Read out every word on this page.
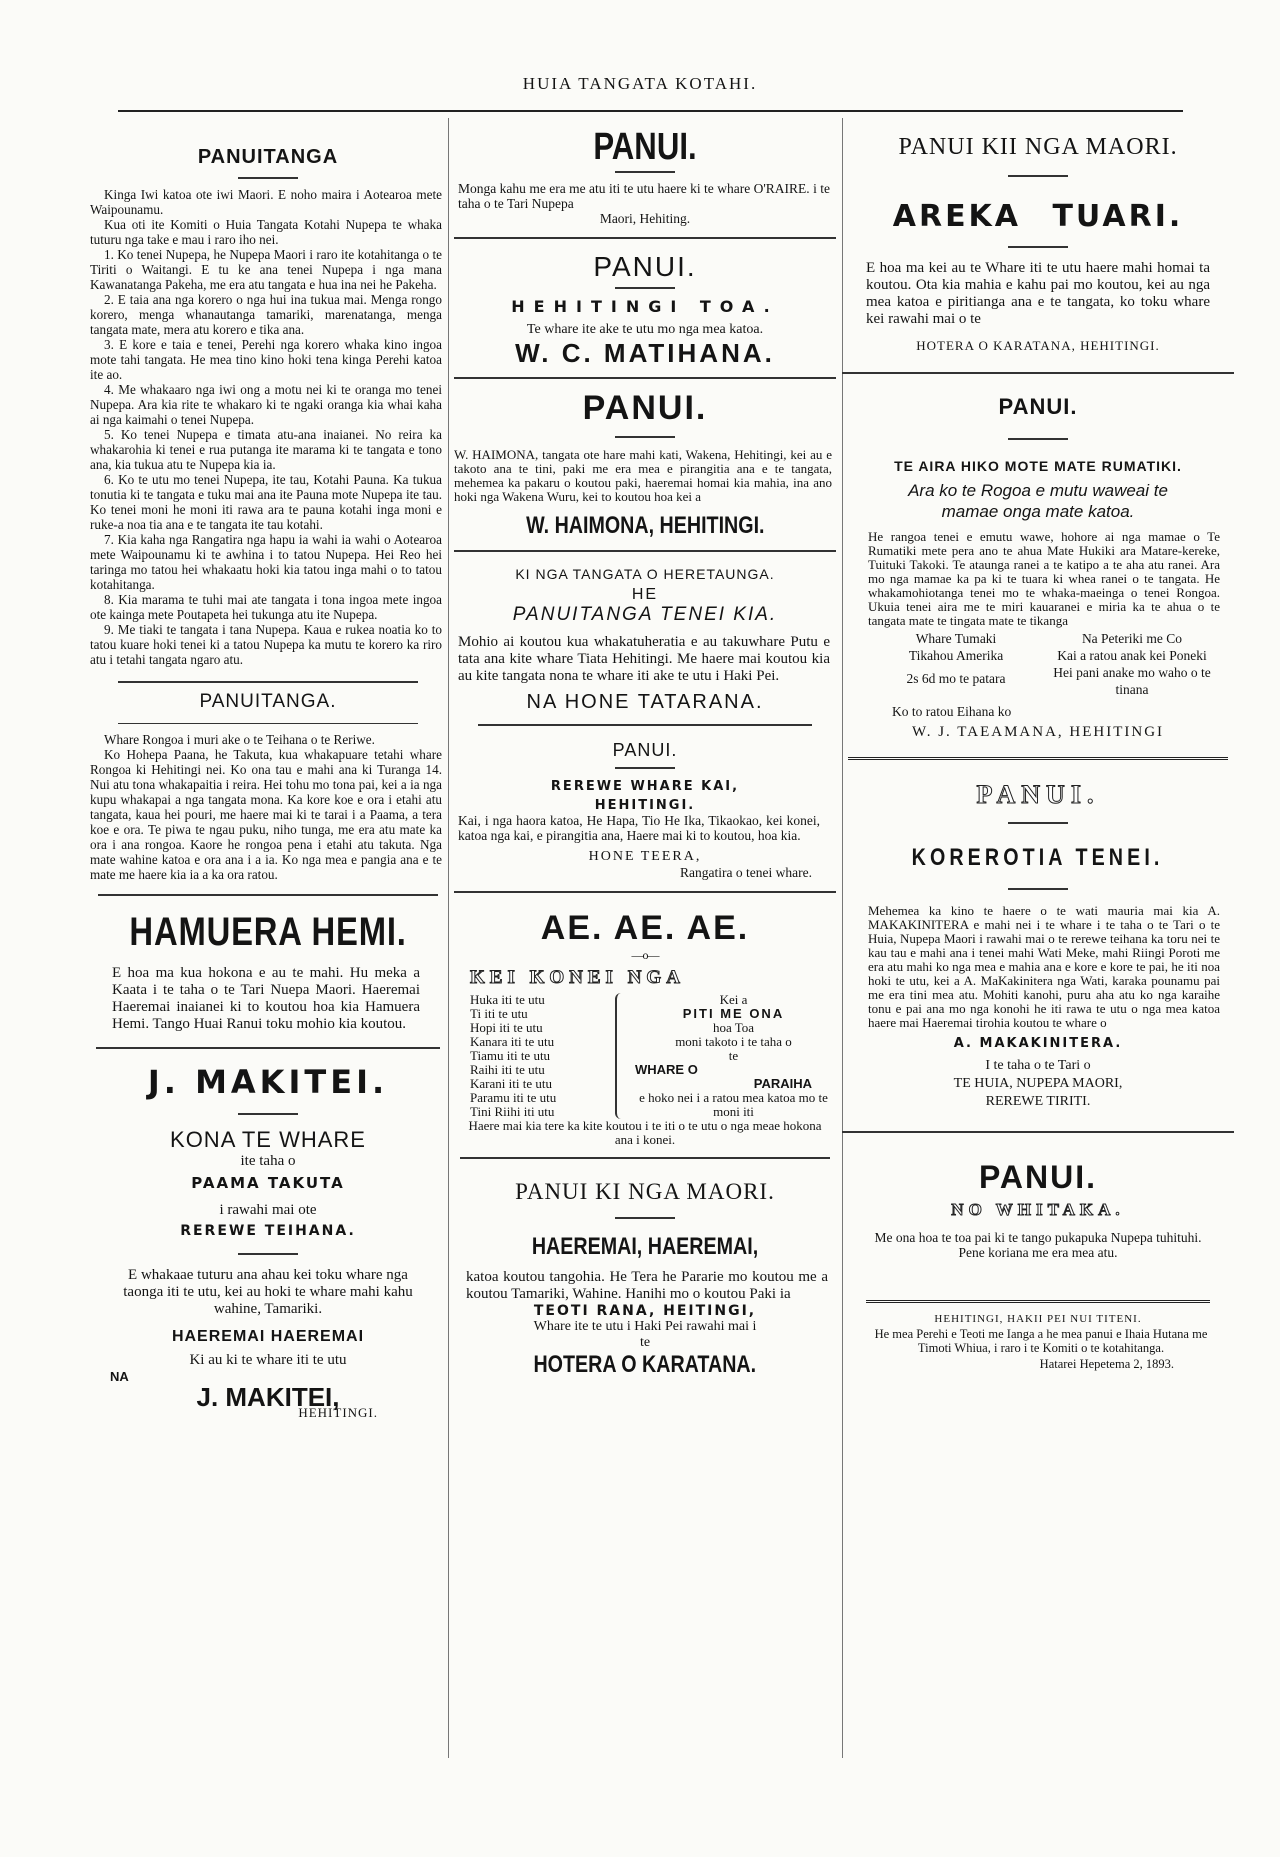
HUIA TANGATA KOTAHI.
PANUITANGA

Kinga Iwi katoa ote iwi Maori. E noho maira i Aotearoa mete Waipounamu.

Kua oti ite Komiti o Huia Tangata Kotahi Nupepa te whaka tuturu nga take e mau i raro iho nei.

1. Ko tenei Nupepa, he Nupepa Maori i raro ite kotahitanga o te Tiriti o Waitangi. E tu ke ana tenei Nupepa i nga mana Kawanatanga Pakeha, me era atu tangata e hua ina nei he Pakeha.

2. E taia ana nga korero o nga hui ina tukua mai. Menga rongo korero, menga whanautanga tamariki, marenatanga, menga tangata mate, mera atu korero e tika ana.

3. E kore e taia e tenei, Perehi nga korero whaka kino ingoa mote tahi tangata. He mea tino kino hoki tena kinga Perehi katoa ite ao.

4. Me whakaaro nga iwi ong a motu nei ki te oranga mo tenei Nupepa. Ara kia rite te whakaro ki te ngaki oranga kia whai kaha ai nga kaimahi o tenei Nupepa.

5. Ko tenei Nupepa e timata atu-ana inaianei. No reira ka whakarohia ki tenei e rua putanga ite marama ki te tangata e tono ana, kia tukua atu te Nupepa kia ia.

6. Ko te utu mo tenei Nupepa, ite tau, Kotahi Pauna. Ka tukua tonutia ki te tangata e tuku mai ana ite Pauna mote Nupepa ite tau. Ko tenei moni he moni iti rawa ara te pauna kotahi inga moni e ruke-a noa tia ana e te tangata ite tau kotahi.

7. Kia kaha nga Rangatira nga hapu ia wahi ia wahi o Aotearoa mete Waipounamu ki te awhina i to tatou Nupepa. Hei Reo hei taringa mo tatou hei whakaatu hoki kia tatou inga mahi o to tatou kotahitanga.

8. Kia marama te tuhi mai ate tangata i tona ingoa mete ingoa ote kainga mete Poutapeta hei tukunga atu ite Nupepa.

9. Me tiaki te tangata i tana Nupepa. Kaua e rukea noatia ko to tatou kuare hoki tenei ki a tatou Nupepa ka mutu te korero ka riro atu i tetahi tangata ngaro atu.

PANUITANGA.

Whare Rongoa i muri ake o te Teihana o te Reriwe.

Ko Hohepa Paana, he Takuta, kua whakapuare tetahi whare Rongoa ki Hehitingi nei. Ko ona tau e mahi ana ki Turanga 14. Nui atu tona whakapaitia i reira. Hei tohu mo tona pai, kei a ia nga kupu whakapai a nga tangata mona. Ka kore koe e ora i etahi atu tangata, kaua hei pouri, me haere mai ki te tarai i a Paama, a tera koe e ora. Te piwa te ngau puku, niho tunga, me era atu mate ka ora i ana rongoa. Kaore he rongoa pena i etahi atu takuta. Nga mate wahine katoa e ora ana i a ia. Ko nga mea e pangia ana e te mate me haere kia ia a ka ora ratou.

HAMUERA HEMI.
E hoa ma kua hokona e au te mahi. Hu meka a Kaata i te taha o te Tari Nuepa Maori. Haeremai Haeremai inaianei ki to koutou hoa kia Hamuera Hemi. Tango Huai Ranui toku mohio kia koutou.
J. MAKITEI.
KONA TE WHARE
ite taha o
PAAMA TAKUTA
i rawahi mai ote
REREWE TEIHANA.
E whakaae tuturu ana ahau kei toku whare nga taonga iti te utu, kei au hoki te whare mahi kahu wahine, Tamariki.
HAEREMAI HAEREMAI
Ki au ki te whare iti te utu
NA
J. MAKITEI,
HEHITINGI.
PANUI.
Monga kahu me era me atu iti te utu haere ki te whare O'RAIRE. i te taha o te Tari Nupepa
Maori, Hehiting.
PANUI.
HEHITINGI TOA.
Te whare ite ake te utu mo nga mea katoa.
W. C. MATIHANA.
PANUI.
W. HAIMONA, tangata ote hare mahi kati, Wakena, Hehitingi, kei au e takoto ana te tini, paki me era mea e pirangitia ana e te tangata, mehemea ka pakaru o koutou paki, haeremai homai kia mahia, ina ano hoki nga Wakena Wuru, kei to koutou hoa kei a
W. HAIMONA, HEHITINGI.
KI NGA TANGATA O HERETAUNGA.
HE
PANUITANGA TENEI KIA.
Mohio ai koutou kua whakatuheratia e au takuwhare Putu e tata ana kite whare Tiata Hehitingi. Me haere mai koutou kia au kite tangata nona te whare iti ake te utu i Haki Pei.
NA HONE TATARANA.
PANUI.
REREWE WHARE KAI,
HEHITINGI.
Kai, i nga haora katoa, He Hapa, Tio He Ika, Tikaokao, kei konei, katoa nga kai, e pirangitia ana, Haere mai ki to koutou, hoa kia.
HONE TEERA,
Rangatira o tenei whare.
AE. AE. AE.
—o—
KEI KONEI NGA
Huka iti te utu
Ti iti te utu
Hopi iti te utu
Kanara iti te utu
Tiamu iti te utu
Raihi iti te utu
Karani iti te utu
Paramu iti te utu
Tini Riihi iti utu
Kei a
PITI ME ONA
hoa Toa
moni takoto i te taha o
te
WHARE O
PARAIHA
e hoko nei i a ratou mea katoa mo te moni iti
Haere mai kia tere ka kite koutou i te iti o te utu o nga meae hokona ana i konei.
PANUI KI NGA MAORI.
HAEREMAI, HAEREMAI,
katoa koutou tangohia. He Tera he Pararie mo koutou me a koutou Tamariki, Wahine. Hanihi mo o koutou Paki ia
TEOTI RANA, HEITINGI,
Whare ite te utu i Haki Pei rawahi mai i te
HOTERA O KARATANA.
PANUI KII NGA MAORI.
AREKA TUARI.
E hoa ma kei au te Whare iti te utu haere mahi homai ta koutou. Ota kia mahia e kahu pai mo koutou, kei au nga mea katoa e piritianga ana e te tangata, ko toku whare kei rawahi mai o te
HOTERA O KARATANA, HEHITINGI.
PANUI.
TE AIRA HIKO MOTE MATE RUMATIKI.
Ara ko te Rogoa e mutu waweai te mamae onga mate katoa.
He rangoa tenei e emutu wawe, hohore ai nga mamae o Te Rumatiki mete pera ano te ahua Mate Hukiki ara Matare-kereke, Tuituki Takoki. Te ataunga ranei a te katipo a te aha atu ranei. Ara mo nga mamae ka pa ki te tuara ki whea ranei o te tangata. He whakamohiotanga tenei mo te whaka-maeinga o tenei Rongoa. Ukuia tenei aira me te miri kauaranei e miria ka te ahua o te tangata mate te tingata mate te tikanga
Whare Tumaki	Na Peteriki me Co
Tikahou Amerika	Kai a ratou anak kei Poneki
2s 6d mo te patara	Hei pani anake mo waho o te tinana
Ko to ratou Eihana ko
W. J. TAEAMANA, HEHITINGI
PANUI.
KOREROTIA TENEI.
Mehemea ka kino te haere o te wati mauria mai kia A. MAKAKINITERA e mahi nei i te whare i te taha o te Tari o te Huia, Nupepa Maori i rawahi mai o te rerewe teihana ka toru nei te kau tau e mahi ana i tenei mahi Wati Meke, mahi Riingi Poroti me era atu mahi ko nga mea e mahia ana e kore e kore te pai, he iti noa hoki te utu, kei a A. MaKakinitera nga Wati, karaka pounamu pai me era tini mea atu. Mohiti kanohi, puru aha atu ko nga karaihe tonu e pai ana mo nga konohi he iti rawa te utu o nga mea katoa haere mai Haeremai tirohia koutou te whare o
A. MAKAKINITERA.
I te taha o te Tari o
TE HUIA, NUPEPA MAORI,
REREWE TIRITI.
PANUI.
NO WHITAKA.
Me ona hoa te toa pai ki te tango pukapuka Nupepa tuhituhi. Pene koriana me era mea atu.
HEHITINGI, HAKII PEI NUI TITENI.
He mea Perehi e Teoti me Ianga a he mea panui e Ihaia Hutana me Timoti Whiua, i raro i te Komiti o te kotahitanga.
Hatarei Hepetema 2, 1893.
